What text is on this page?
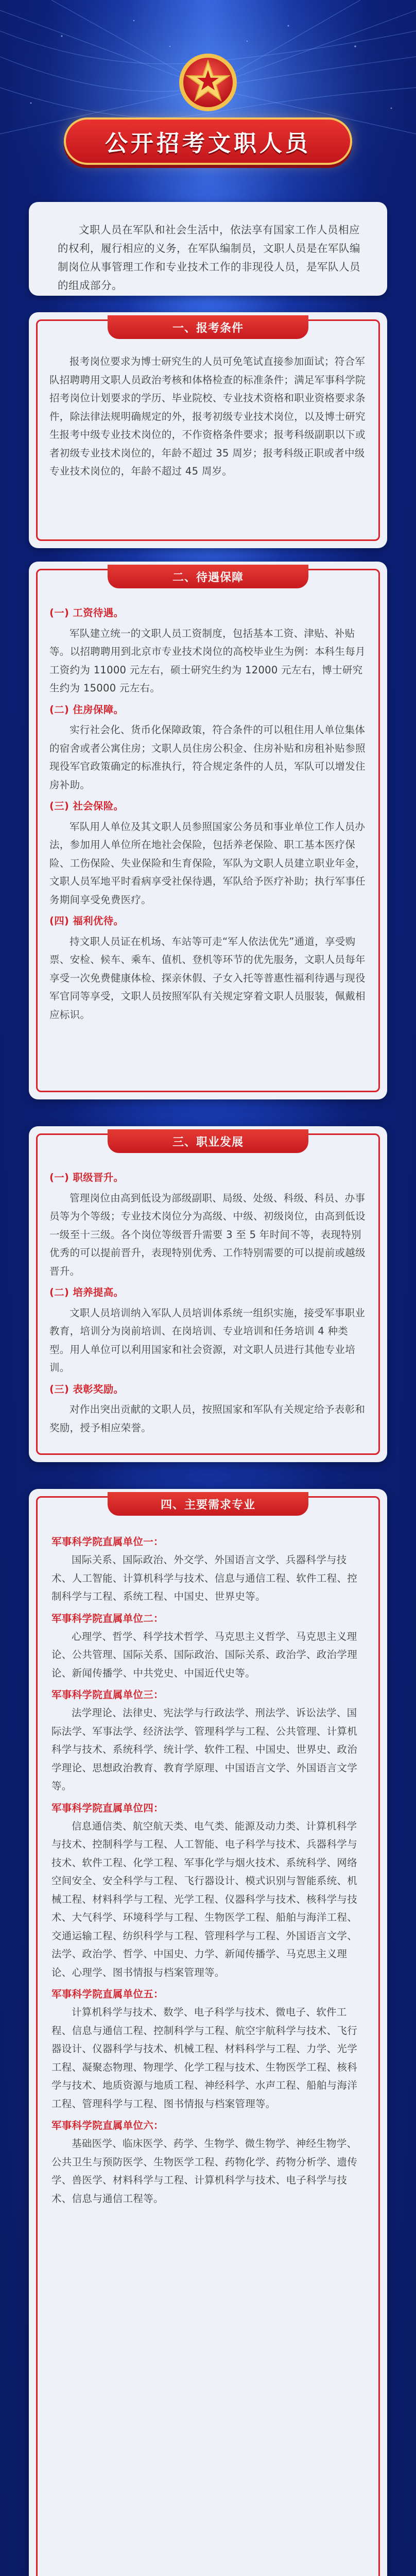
公开招考文职人员

文职人员在军队和社会生活中，依法享有国家工作人员相应的权利，履行相应的义务，在军队编制员，文职人员是在军队编制岗位从事管理工作和专业技术工作的非现役人员，是军队人员的组成部分。

一、报考条件

报考岗位要求为博士研究生的人员可免笔试直接参加面试；符合军队招聘聘用文职人员政治考核和体格检查的标准条件；满足军事科学院招考岗位计划要求的学历、毕业院校、专业技术资格和职业资格要求条件，除法律法规明确规定的外，报考初级专业技术岗位，以及博士研究生报考中级专业技术岗位的，不作资格条件要求；报考科级副职以下或者初级专业技术岗位的，年龄不超过 35 周岁；报考科级正职或者中级专业技术岗位的，年龄不超过 45 周岁。

二、待遇保障

(一) 工资待遇。

军队建立统一的文职人员工资制度，包括基本工资、津贴、补贴等。以招聘聘用到北京市专业技术岗位的高校毕业生为例：本科生每月工资约为 11000 元左右，硕士研究生约为 12000 元左右，博士研究生约为 15000 元左右。

(二) 住房保障。

实行社会化、货币化保障政策，符合条件的可以租住用人单位集体的宿舍或者公寓住房；文职人员住房公积金、住房补贴和房租补贴参照现役军官政策确定的标准执行，符合规定条件的人员，军队可以增发住房补助。

(三) 社会保险。

军队用人单位及其文职人员参照国家公务员和事业单位工作人员办法，参加用人单位所在地社会保险，包括养老保险、职工基本医疗保险、工伤保险、失业保险和生育保险，军队为文职人员建立职业年金，文职人员军地平时看病享受社保待遇，军队给予医疗补助；执行军事任务期间享受免费医疗。

(四) 福利优待。

持文职人员证在机场、车站等可走“军人依法优先”通道，享受购票、安检、候车、乘车、值机、登机等环节的优先服务，文职人员每年享受一次免费健康体检、探亲休假、子女入托等普惠性福利待遇与现役军官同等享受，文职人员按照军队有关规定穿着文职人员服装，佩戴相应标识。

三、职业发展

(一) 职级晋升。

管理岗位由高到低设为部级副职、局级、处级、科级、科员、办事员等为个等级；专业技术岗位分为高级、中级、初级岗位，由高到低设一级至十三级。各个岗位等级晋升需要 3 至 5 年时间不等，表现特别优秀的可以提前晋升，表现特别优秀、工作特别需要的可以提前或越级晋升。

(二) 培养提高。

文职人员培训纳入军队人员培训体系统一组织实施，接受军事职业教育，培训分为岗前培训、在岗培训、专业培训和任务培训 4 种类型。用人单位可以利用国家和社会资源，对文职人员进行其他专业培训。

(三) 表彰奖励。

对作出突出贡献的文职人员，按照国家和军队有关规定给予表彰和奖励，授予相应荣誉。

四、主要需求专业

军事科学院直属单位一：

国际关系、国际政治、外交学、外国语言文学、兵器科学与技术、人工智能、计算机科学与技术、信息与通信工程、软件工程、控制科学与工程、系统工程、中国史、世界史等。

军事科学院直属单位二：

心理学、哲学、科学技术哲学、马克思主义哲学、马克思主义理论、公共管理、国际关系、国际政治、国际关系、政治学、政治学理论、新闻传播学、中共党史、中国近代史等。

军事科学院直属单位三：

法学理论、法律史、宪法学与行政法学、刑法学、诉讼法学、国际法学、军事法学、经济法学、管理科学与工程、公共管理、计算机科学与技术、系统科学、统计学、软件工程、中国史、世界史、政治学理论、思想政治教育、教育学原理、中国语言文学、外国语言文学等。

军事科学院直属单位四：

信息通信类、航空航天类、电气类、能源及动力类、计算机科学与技术、控制科学与工程、人工智能、电子科学与技术、兵器科学与技术、软件工程、化学工程、军事化学与烟火技术、系统科学、网络空间安全、安全科学与工程、飞行器设计、模式识别与智能系统、机械工程、材料科学与工程、光学工程、仪器科学与技术、核科学与技术、大气科学、环境科学与工程、生物医学工程、船舶与海洋工程、交通运输工程、纺织科学与工程、管理科学与工程、外国语言文学、法学、政治学、哲学、中国史、力学、新闻传播学、马克思主义理论、心理学、图书情报与档案管理等。

军事科学院直属单位五：

计算机科学与技术、数学、电子科学与技术、微电子、软件工程、信息与通信工程、控制科学与工程、航空宇航科学与技术、飞行器设计、仪器科学与技术、机械工程、材料科学与工程、力学、光学工程、凝聚态物理、物理学、化学工程与技术、生物医学工程、核科学与技术、地质资源与地质工程、神经科学、水声工程、船舶与海洋工程、管理科学与工程、图书情报与档案管理等。

军事科学院直属单位六：

基础医学、临床医学、药学、生物学、微生物学、神经生物学、公共卫生与预防医学、生物医学工程、药物化学、药物分析学、遗传学、兽医学、材料科学与工程、计算机科学与技术、电子科学与技术、信息与通信工程等。
